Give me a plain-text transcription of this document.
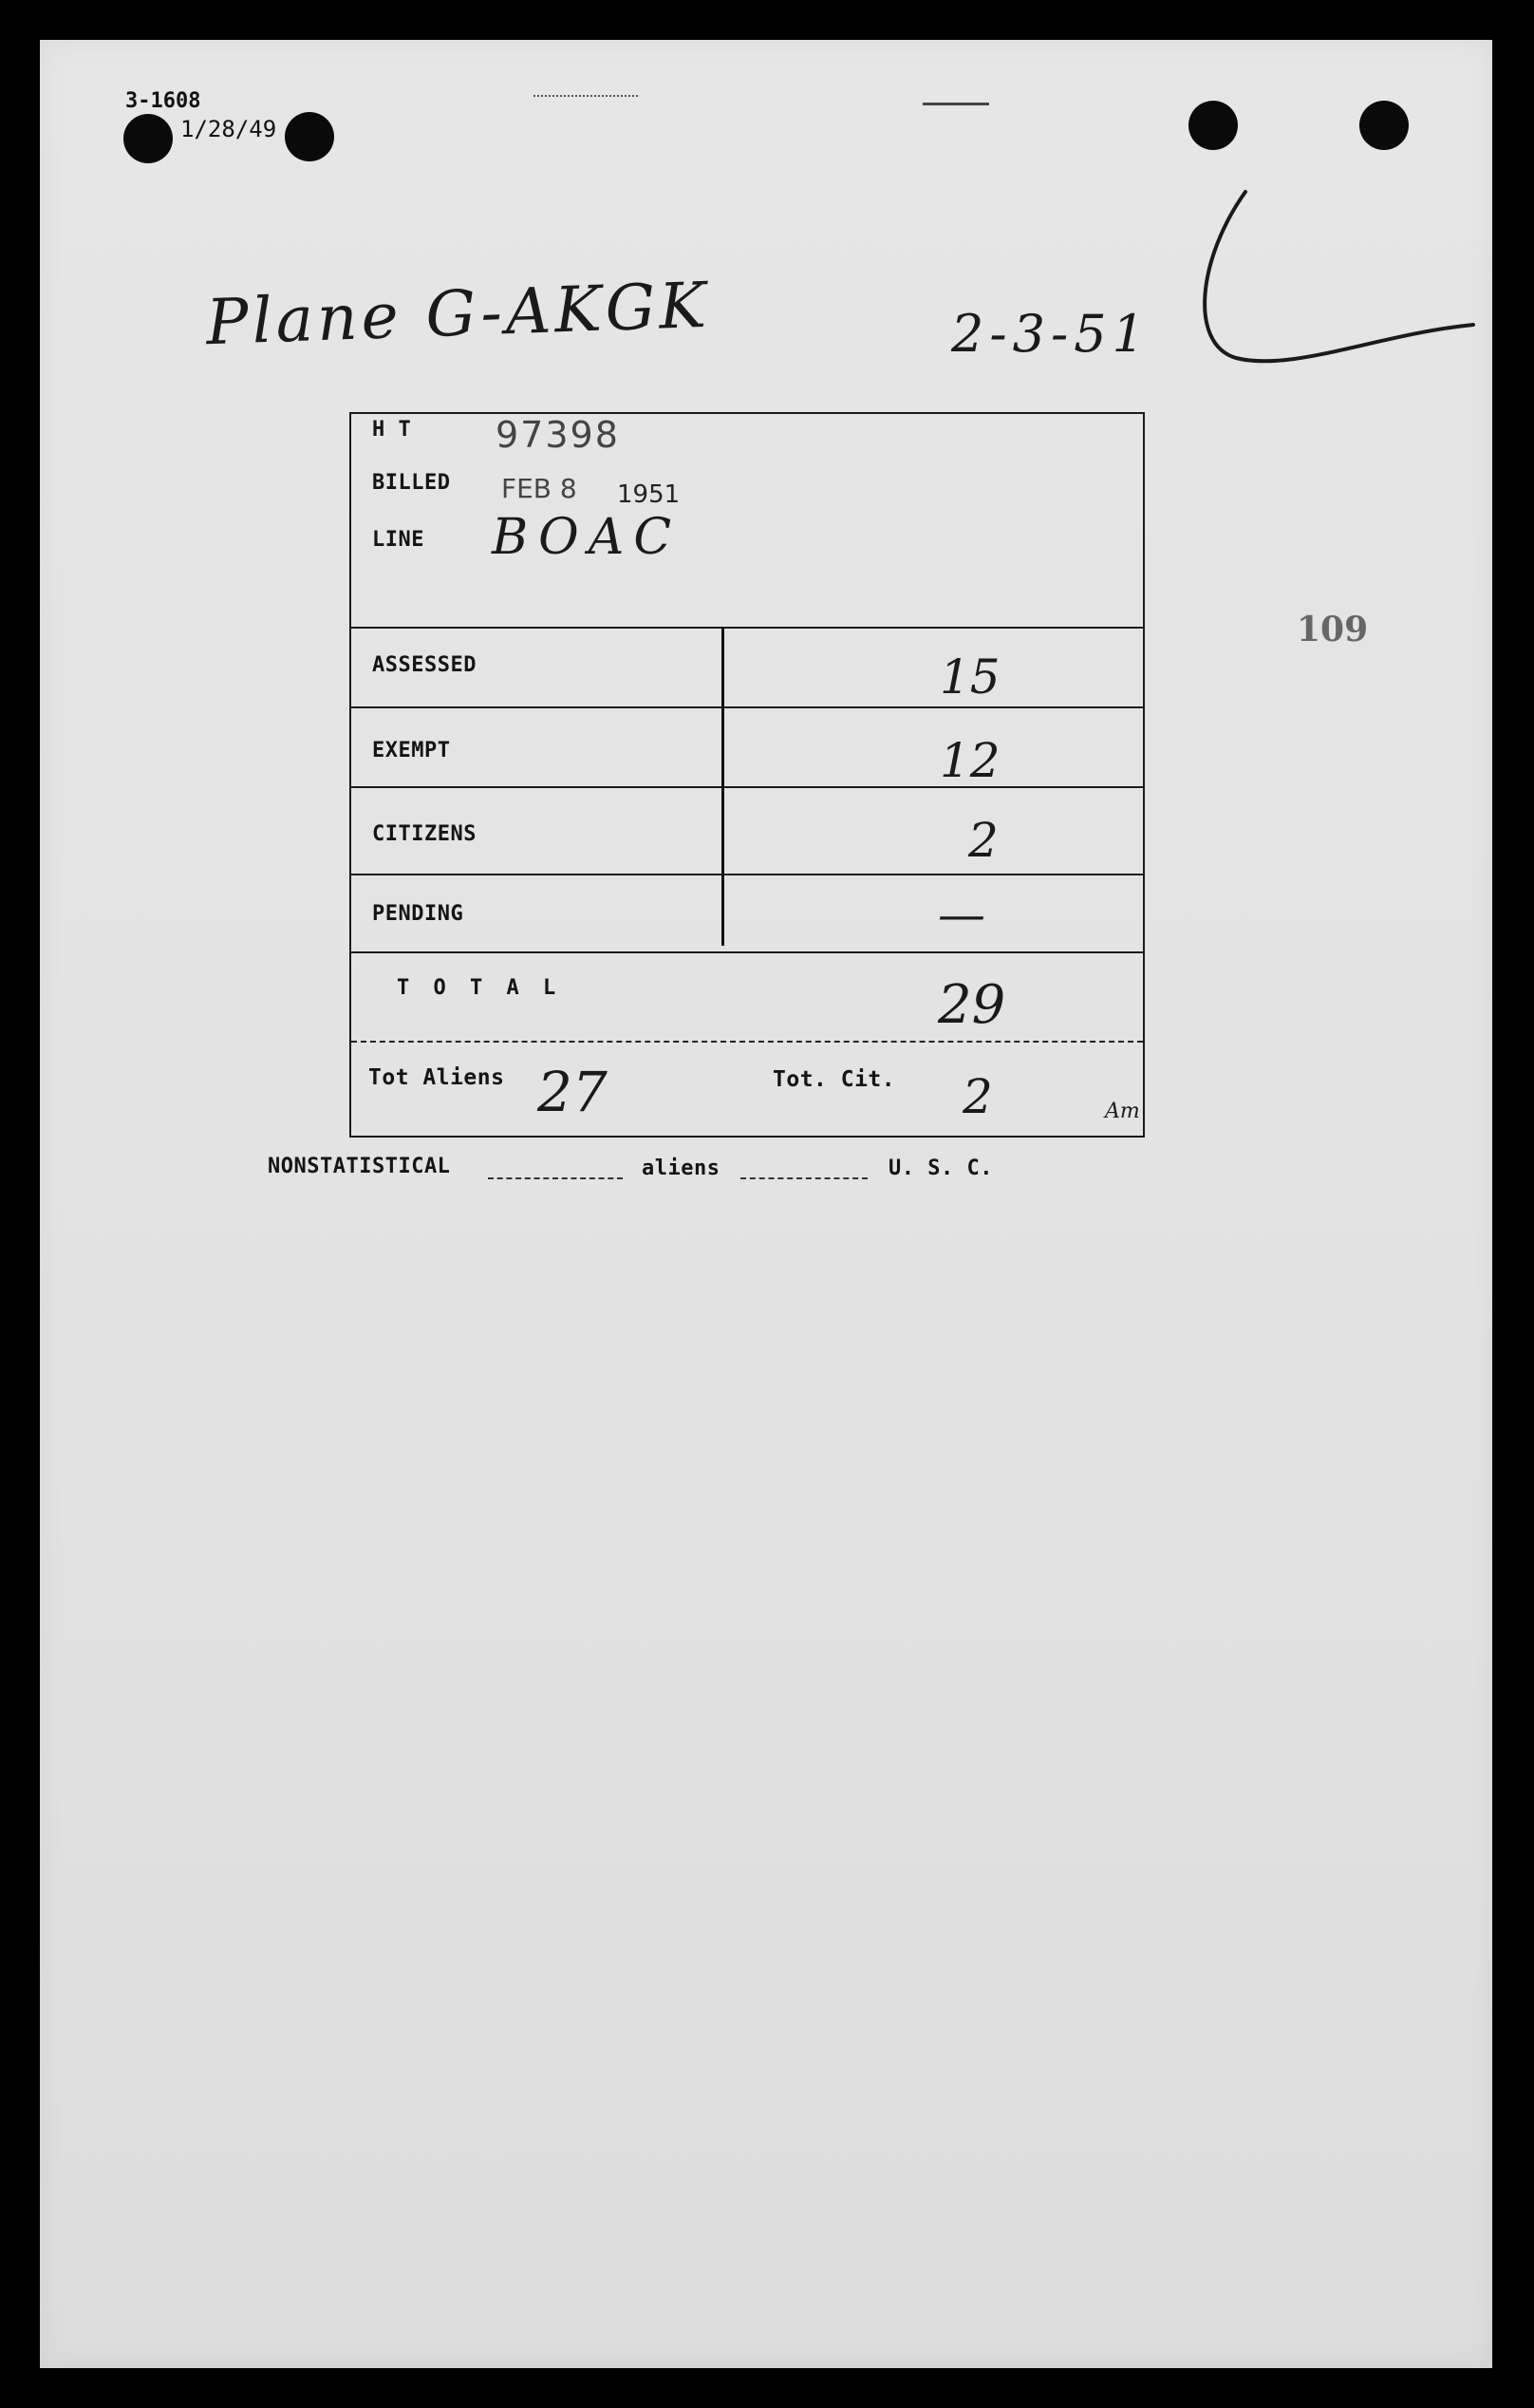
3-1608
1/28/49
Plane G-AKGK	2-3-51
109
H T 97398
BILLED FEB 8 1951
LINE BOAC
ASSESSED	15
EXEMPT	12
CITIZENS	2
PENDING	—
T O T A L	29
Tot Aliens 27	Tot. Cit. 2	Am
NONSTATISTICAL	aliens	U. S. C.
